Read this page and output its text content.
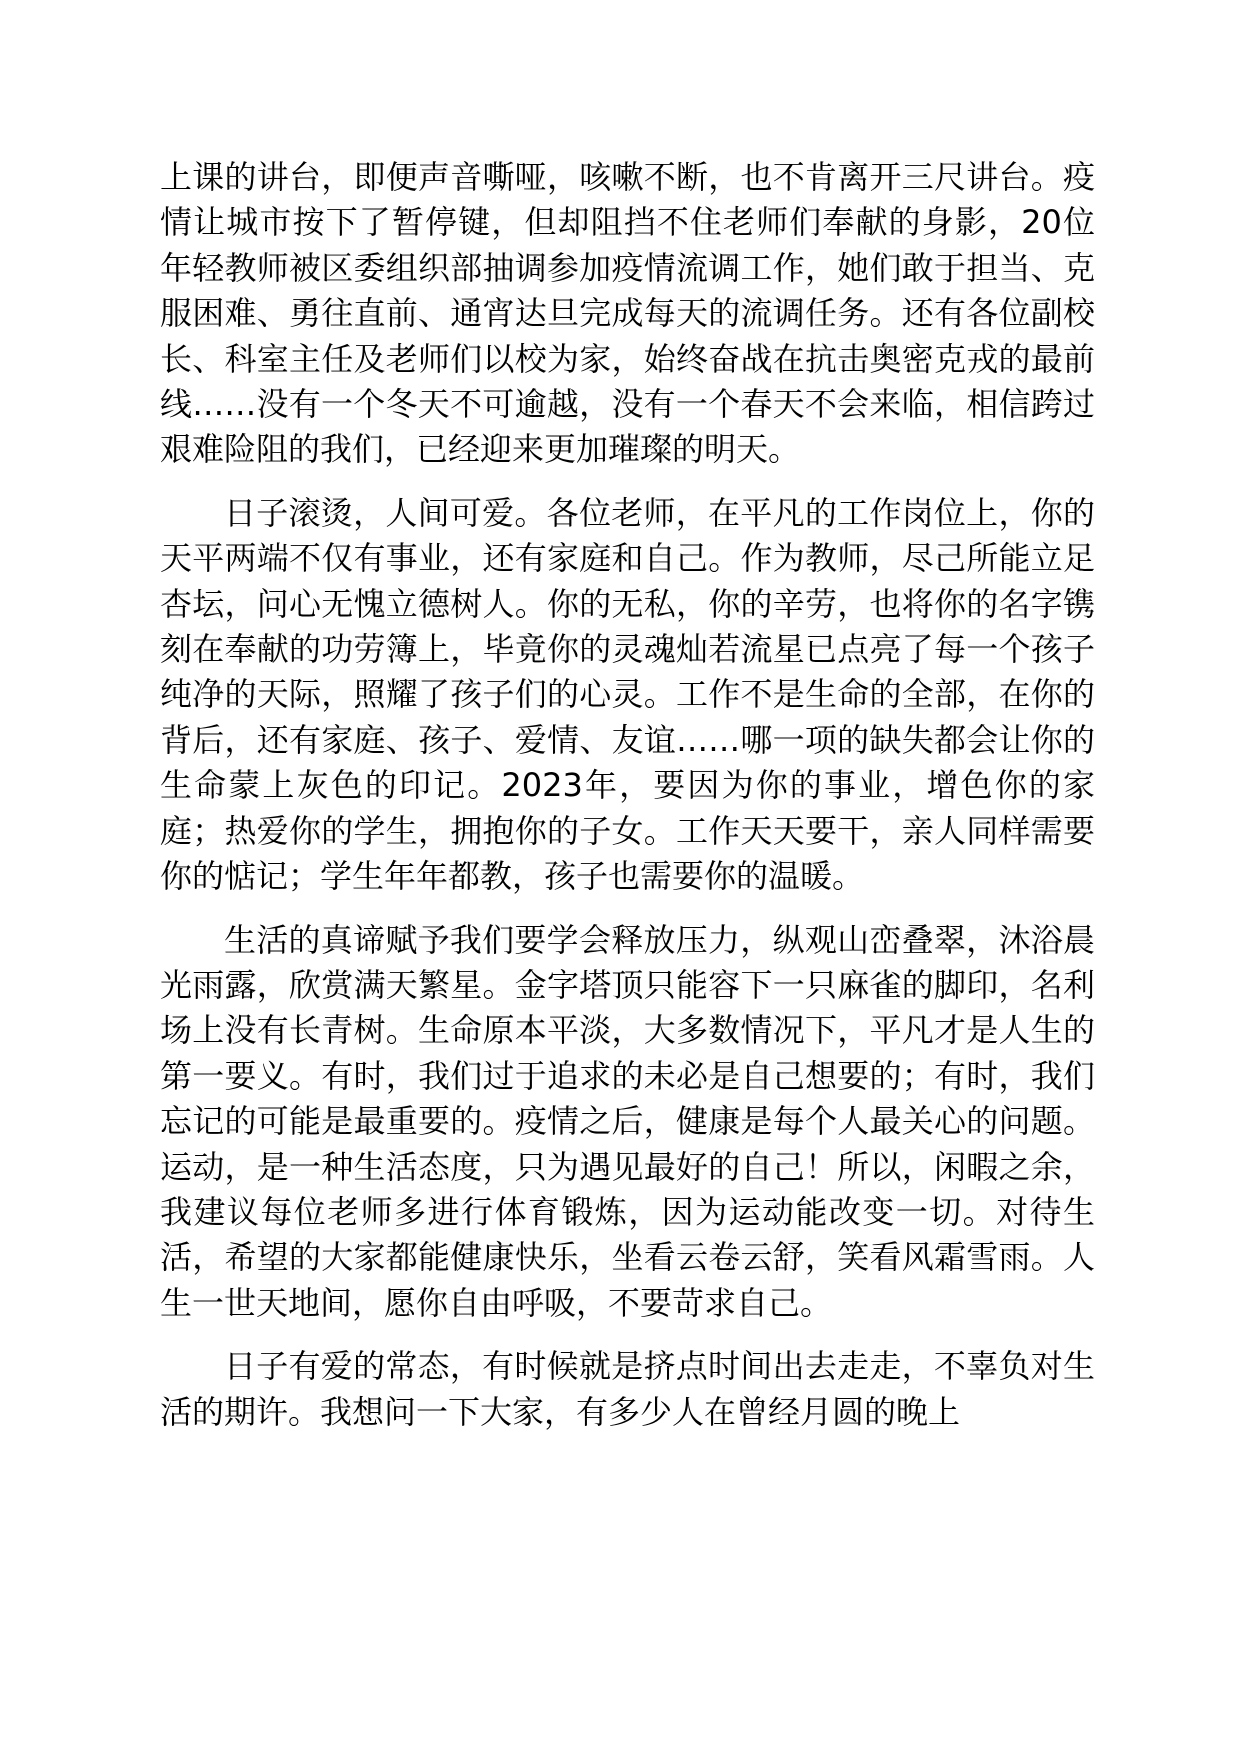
上课的讲台，即便声音嘶哑，咳嗽不断，也不肯离开三尺讲台。疫情让城市按下了暂停键，但却阻挡不住老师们奉献的身影，20位年轻教师被区委组织部抽调参加疫情流调工作，她们敢于担当、克服困难、勇往直前、通宵达旦完成每天的流调任务。还有各位副校长、科室主任及老师们以校为家，始终奋战在抗击奥密克戎的最前线……没有一个冬天不可逾越，没有一个春天不会来临，相信跨过艰难险阻的我们，已经迎来更加璀璨的明天。

日子滚烫，人间可爱。各位老师，在平凡的工作岗位上，你的天平两端不仅有事业，还有家庭和自己。作为教师，尽己所能立足杏坛，问心无愧立德树人。你的无私，你的辛劳，也将你的名字镌刻在奉献的功劳簿上，毕竟你的灵魂灿若流星已点亮了每一个孩子纯净的天际，照耀了孩子们的心灵。工作不是生命的全部，在你的背后，还有家庭、孩子、爱情、友谊……哪一项的缺失都会让你的生命蒙上灰色的印记。2023年，要因为你的事业，增色你的家庭；热爱你的学生，拥抱你的子女。工作天天要干，亲人同样需要你的惦记；学生年年都教，孩子也需要你的温暖。

生活的真谛赋予我们要学会释放压力，纵观山峦叠翠，沐浴晨光雨露，欣赏满天繁星。金字塔顶只能容下一只麻雀的脚印，名利场上没有长青树。生命原本平淡，大多数情况下，平凡才是人生的第一要义。有时，我们过于追求的未必是自己想要的；有时，我们忘记的可能是最重要的。疫情之后，健康是每个人最关心的问题。运动，是一种生活态度，只为遇见最好的自己！所以，闲暇之余，我建议每位老师多进行体育锻炼，因为运动能改变一切。对待生活，希望的大家都能健康快乐，坐看云卷云舒，笑看风霜雪雨。人生一世天地间，愿你自由呼吸，不要苛求自己。

日子有爱的常态，有时候就是挤点时间出去走走，不辜负对生活的期许。我想问一下大家，有多少人在曾经月圆的晚上
